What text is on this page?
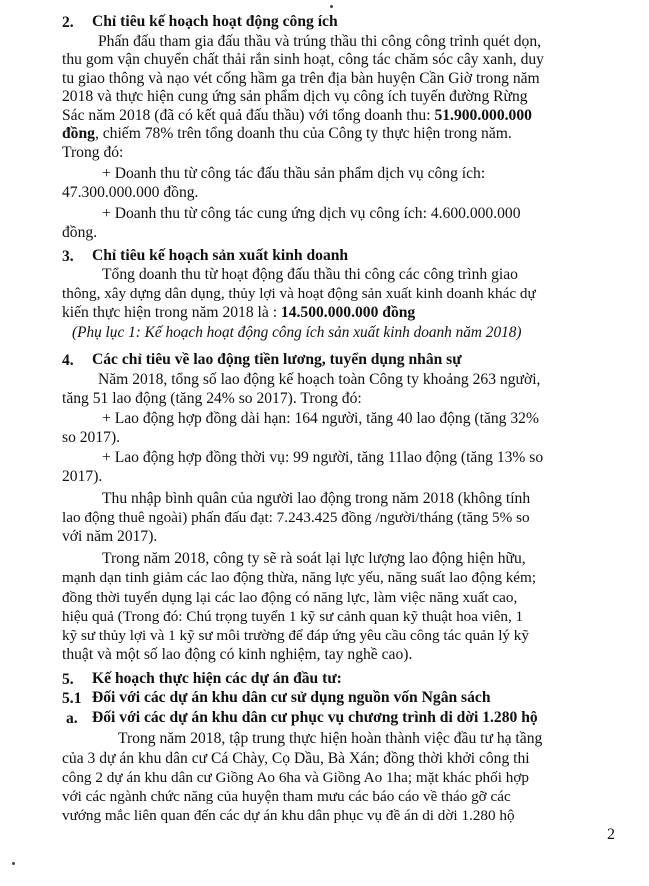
2. Chỉ tiêu kế hoạch hoạt động công ích
Phấn đấu tham gia đấu thầu và trúng thầu thi công công trình quét dọn,
thu gom vận chuyển chất thải rắn sinh hoạt, công tác chăm sóc cây xanh, duy
tu giao thông và nạo vét cống hầm ga trên địa bàn huyện Cần Giờ trong năm
2018 và thực hiện cung ứng sản phẩm dịch vụ công ích tuyến đường Rừng
Sác năm 2018 (đã có kết quả đấu thầu) với tổng doanh thu: 51.900.000.000
đồng, chiếm 78% trên tổng doanh thu của Công ty thực hiện trong năm.
Trong đó:
+ Doanh thu từ công tác đấu thầu sản phẩm dịch vụ công ích:
47.300.000.000 đồng.
+ Doanh thu từ công tác cung ứng dịch vụ công ích: 4.600.000.000
đồng.
3. Chỉ tiêu kế hoạch sản xuất kinh doanh
Tổng doanh thu từ hoạt động đấu thầu thi công các công trình giao
thông, xây dựng dân dụng, thủy lợi và hoạt động sản xuất kinh doanh khác dự
kiến thực hiện trong năm 2018 là : 14.500.000.000 đồng
(Phụ lục 1: Kế hoạch hoạt động công ích sản xuất kinh doanh năm 2018)
4. Các chỉ tiêu về lao động tiền lương, tuyển dụng nhân sự
Năm 2018, tổng số lao động kế hoạch toàn Công ty khoảng 263 người,
tăng 51 lao động (tăng 24% so 2017). Trong đó:
+ Lao động hợp đồng dài hạn: 164 người, tăng 40 lao động (tăng 32%
so 2017).
+ Lao động hợp đồng thời vụ: 99 người, tăng 11lao động (tăng 13% so
2017).
Thu nhập bình quân của người lao động trong năm 2018 (không tính
lao động thuê ngoài) phấn đấu đạt: 7.243.425 đồng /người/tháng (tăng 5% so
với năm 2017).
Trong năm 2018, công ty sẽ rà soát lại lực lượng lao động hiện hữu,
mạnh dạn tinh giảm các lao động thừa, năng lực yếu, năng suất lao động kém;
đồng thời tuyển dụng lại các lao động có năng lực, làm việc năng xuất cao,
hiệu quả (Trong đó: Chú trọng tuyển 1 kỹ sư cảnh quan kỹ thuật hoa viên, 1
kỹ sư thủy lợi và 1 kỹ sư môi trường để đáp ứng yêu cầu công tác quản lý kỹ
thuật và một số lao động có kinh nghiệm, tay nghề cao).
5. Kế hoạch thực hiện các dự án đầu tư:
5.1 Đối với các dự án khu dân cư sử dụng nguồn vốn Ngân sách
a. Đối với các dự án khu dân cư phục vụ chương trình di dời 1.280 hộ
Trong năm 2018, tập trung thực hiện hoàn thành việc đầu tư hạ tầng
của 3 dự án khu dân cư Cá Chày, Cọ Dầu, Bà Xán; đồng thời khởi công thi
công 2 dự án khu dân cư Giồng Ao 6ha và Giồng Ao 1ha; mặt khác phối hợp
với các ngành chức năng của huyện tham mưu các báo cáo về tháo gỡ các
vướng mắc liên quan đến các dự án khu dân phục vụ đề án di dời 1.280 hộ
2
